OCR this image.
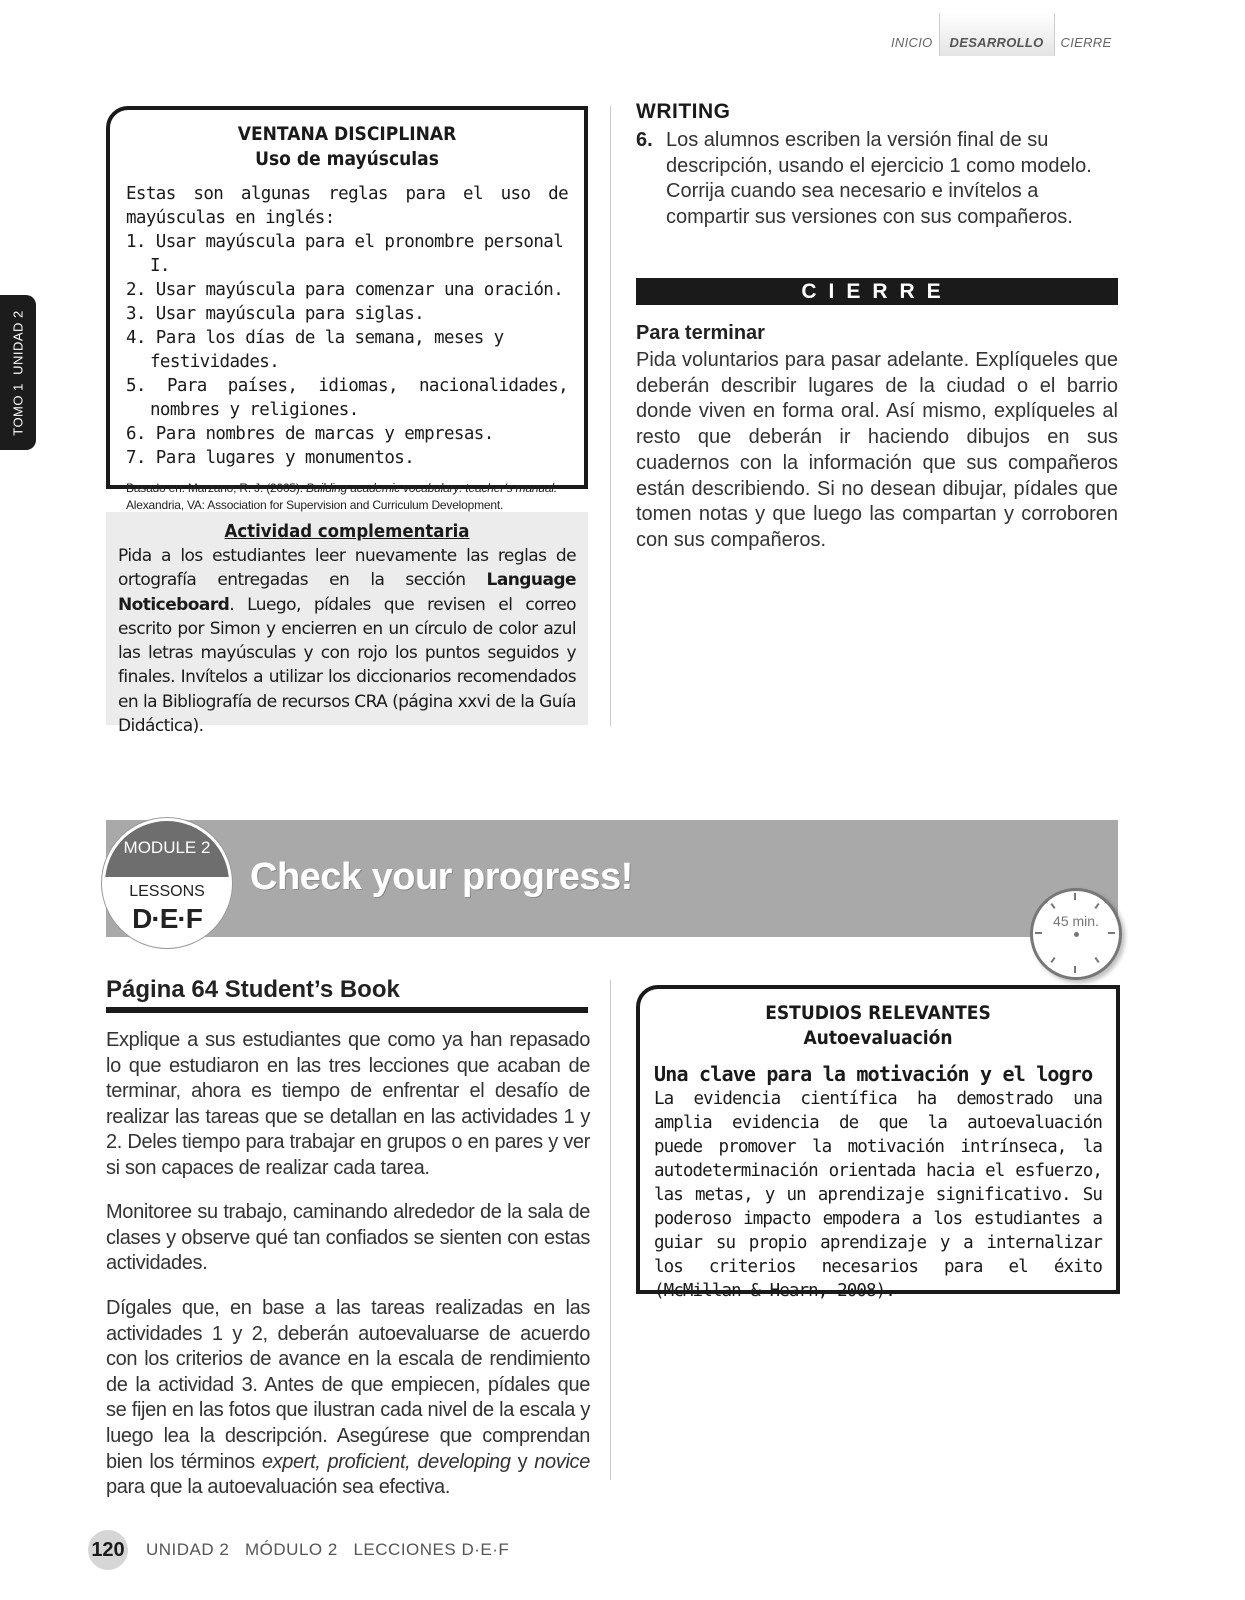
INICIO	DESARROLLO	CIERRE
TOMO 1  UNIDAD 2
VENTANA DISCIPLINAR
Uso de mayúsculas
Estas son algunas reglas para el uso de mayúsculas en inglés:
1. Usar mayúscula para el pronombre personal I.
2. Usar mayúscula para comenzar una oración.
3. Usar mayúscula para siglas.
4. Para los días de la semana, meses y festividades.
5. Para países, idiomas, nacionalidades, nombres y religiones.
6. Para nombres de marcas y empresas.
7. Para lugares y monumentos.
Basado en: Marzano, R. J. (2005). Building academic vocabulary: teacher’s manual.
Alexandria, VA: Association for Supervision and Curriculum Development.
Actividad complementaria
Pida a los estudiantes leer nuevamente las reglas de ortografía entregadas en la sección Language Noticeboard. Luego, pídales que revisen el correo escrito por Simon y encierren en un círculo de color azul las letras mayúsculas y con rojo los puntos seguidos y finales. Invítelos a utilizar los diccionarios recomendados en la Bibliografía de recursos CRA (página xxvi de la Guía Didáctica).
WRITING
6. Los alumnos escriben la versión final de su descripción, usando el ejercicio 1 como modelo. Corrija cuando sea necesario e invítelos a compartir sus versiones con sus compañeros.
CIERRE
Para terminar
Pida voluntarios para pasar adelante. Explíqueles que deberán describir lugares de la ciudad o el barrio donde viven en forma oral. Así mismo, explíqueles al resto que deberán ir haciendo dibujos en sus cuadernos con la información que sus compañeros están describiendo. Si no desean dibujar, pídales que tomen notas y que luego las compartan y corroboren con sus compañeros.
Check your progress!
MODULE 2
LESSONS
D·E·F	45 min.
Página 64 Student’s Book
Explique a sus estudiantes que como ya han repasado lo que estudiaron en las tres lecciones que acaban de terminar, ahora es tiempo de enfrentar el desafío de realizar las tareas que se detallan en las actividades 1 y 2. Deles tiempo para trabajar en grupos o en pares y ver si son capaces de realizar cada tarea.
Monitoree su trabajo, caminando alrededor de la sala de clases y observe qué tan confiados se sienten con estas actividades.
Dígales que, en base a las tareas realizadas en las actividades 1 y 2, deberán autoevaluarse de acuerdo con los criterios de avance en la escala de rendimiento de la actividad 3. Antes de que empiecen, pídales que se fijen en las fotos que ilustran cada nivel de la escala y luego lea la descripción. Asegúrese que comprendan bien los términos expert, proficient, developing y novice para que la autoevaluación sea efectiva.
ESTUDIOS RELEVANTES
Autoevaluación
Una clave para la motivación y el logro
La evidencia científica ha demostrado una amplia evidencia de que la autoevaluación puede promover la motivación intrínseca, la autodeterminación orientada hacia el esfuerzo, las metas, y un aprendizaje significativo. Su poderoso impacto empodera a los estudiantes a guiar su propio aprendizaje y a internalizar los criterios necesarios para el éxito (McMillan & Hearn, 2008).
120 UNIDAD 2   MÓDULO 2   LECCIONES D·E·F
